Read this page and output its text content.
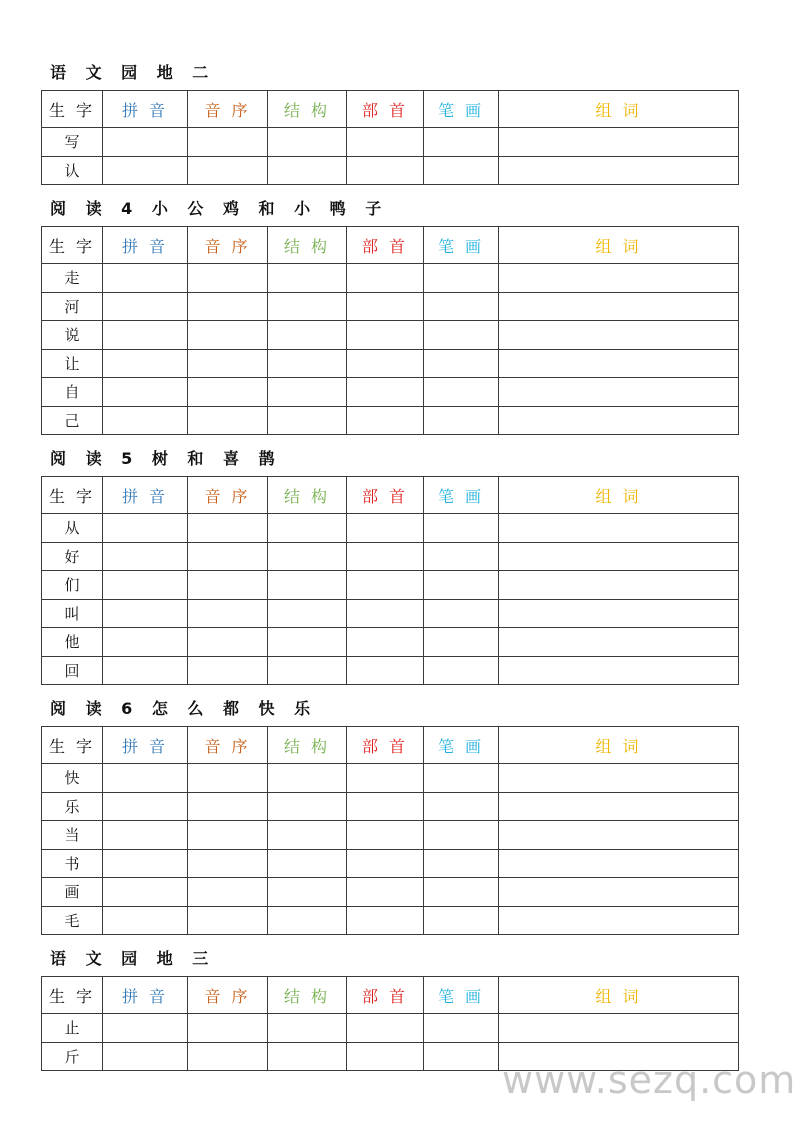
语 文 园 地 二
生 字	拼 音	音 序	结 构	部 首	笔 画	组 词
写						
认						
阅 读 4 小 公 鸡 和 小 鸭 子
生 字	拼 音	音 序	结 构	部 首	笔 画	组 词
走						
河						
说						
让						
自						
己						
阅 读 5 树 和 喜 鹊
生 字	拼 音	音 序	结 构	部 首	笔 画	组 词
从						
好						
们						
叫						
他						
回						
阅 读 6 怎 么 都 快 乐
生 字	拼 音	音 序	结 构	部 首	笔 画	组 词
快						
乐						
当						
书						
画						
毛						
语 文 园 地 三
生 字	拼 音	音 序	结 构	部 首	笔 画	组 词
止						
斤						
www.sezq.com
